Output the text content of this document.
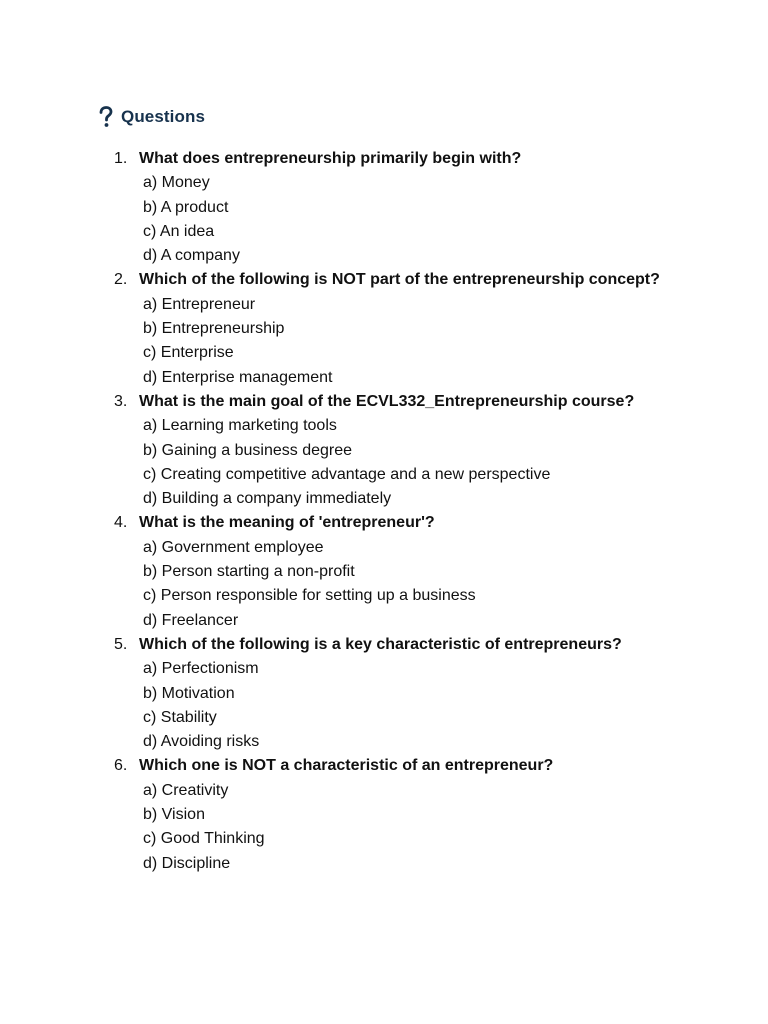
Questions
1. What does entrepreneurship primarily begin with?
a) Money
b) A product
c) An idea
d) A company
2. Which of the following is NOT part of the entrepreneurship concept?
a) Entrepreneur
b) Entrepreneurship
c) Enterprise
d) Enterprise management
3. What is the main goal of the ECVL332_Entrepreneurship course?
a) Learning marketing tools
b) Gaining a business degree
c) Creating competitive advantage and a new perspective
d) Building a company immediately
4. What is the meaning of 'entrepreneur'?
a) Government employee
b) Person starting a non-profit
c) Person responsible for setting up a business
d) Freelancer
5. Which of the following is a key characteristic of entrepreneurs?
a) Perfectionism
b) Motivation
c) Stability
d) Avoiding risks
6. Which one is NOT a characteristic of an entrepreneur?
a) Creativity
b) Vision
c) Good Thinking
d) Discipline
